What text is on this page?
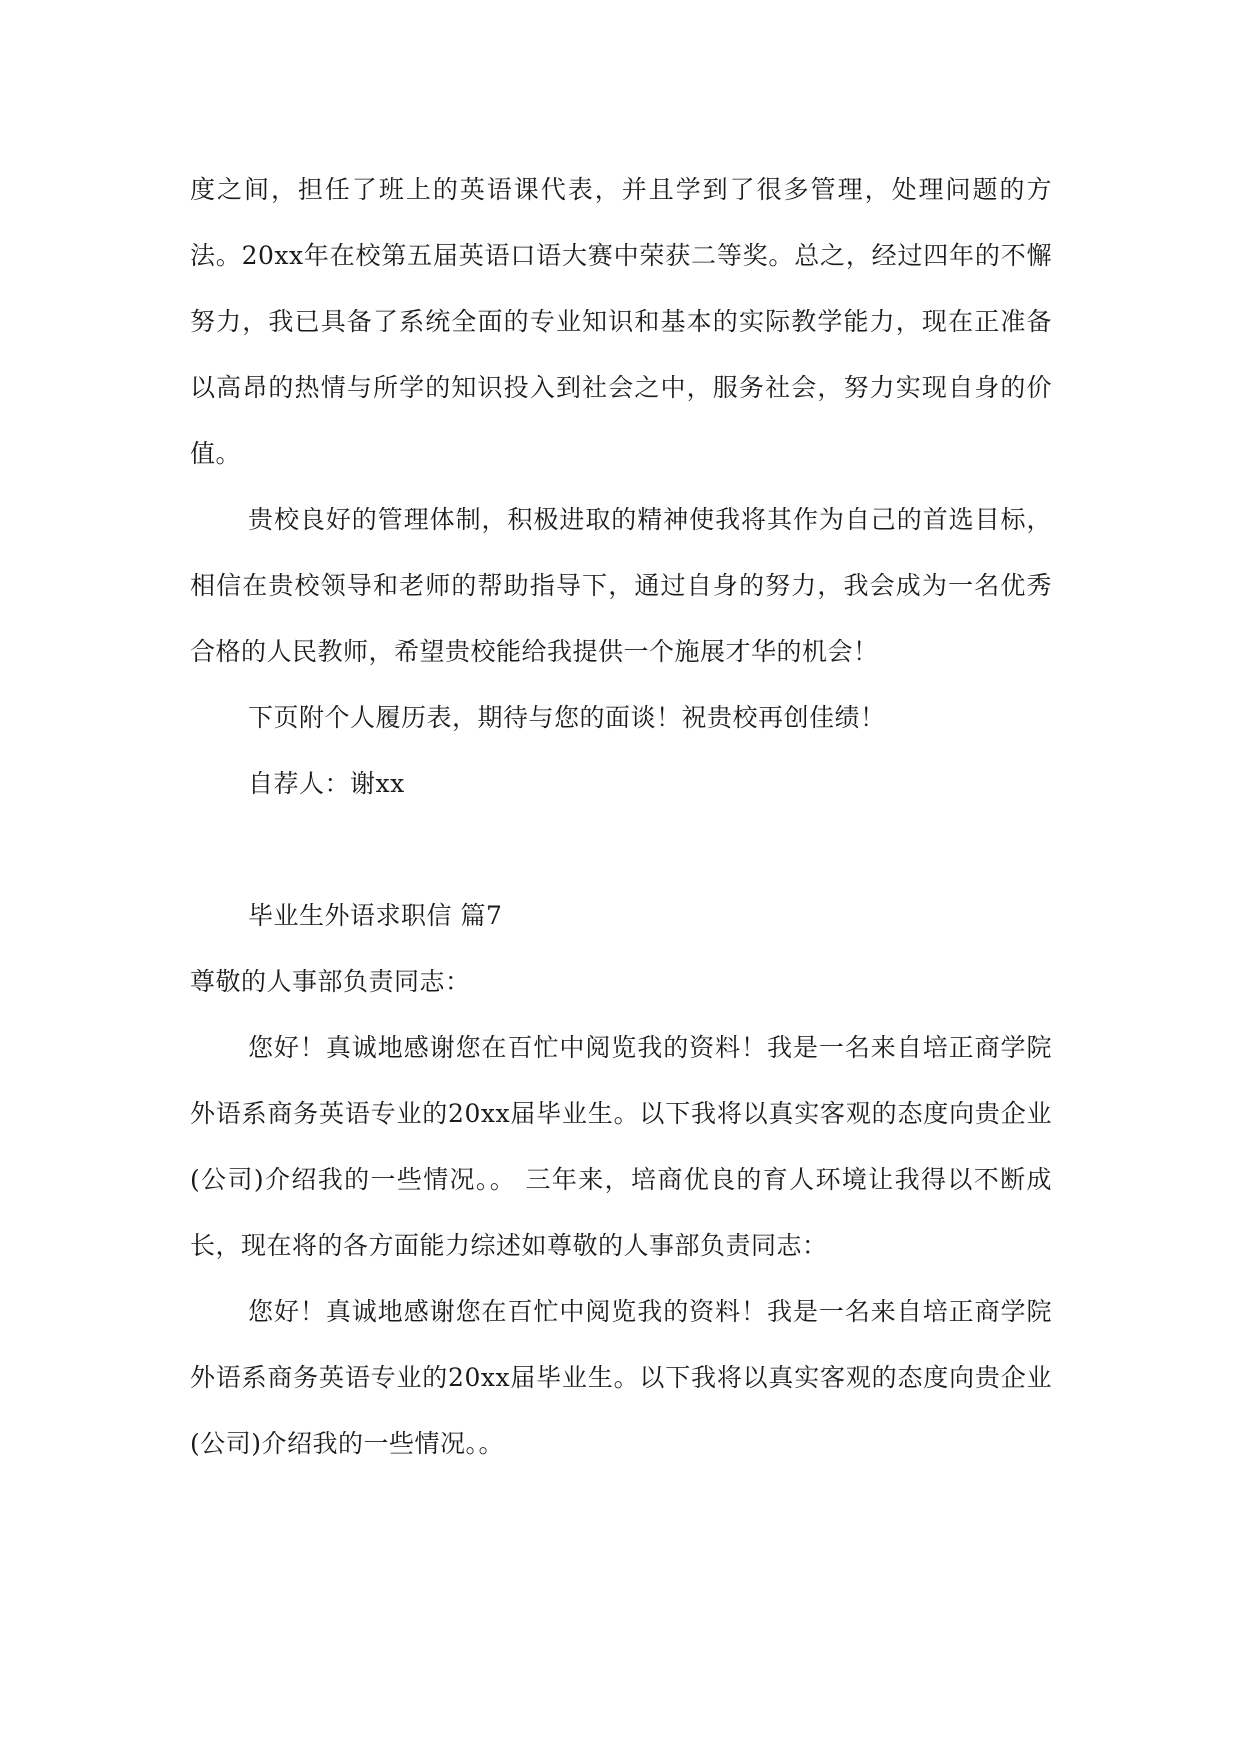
度之间，担任了班上的英语课代表，并且学到了很多管理，处理问题的方法。20xx年在校第五届英语口语大赛中荣获二等奖。总之，经过四年的不懈努力，我已具备了系统全面的专业知识和基本的实际教学能力，现在正准备以高昂的热情与所学的知识投入到社会之中，服务社会，努力实现自身的价值。

贵校良好的管理体制，积极进取的精神使我将其作为自己的首选目标，相信在贵校领导和老师的帮助指导下，通过自身的努力，我会成为一名优秀合格的人民教师，希望贵校能给我提供一个施展才华的机会！

下页附个人履历表，期待与您的面谈！祝贵校再创佳绩！

自荐人：谢xx

毕业生外语求职信 篇7

尊敬的人事部负责同志：

您好！真诚地感谢您在百忙中阅览我的资料！我是一名来自培正商学院外语系商务英语专业的20xx届毕业生。以下我将以真实客观的态度向贵企业(公司)介绍我的一些情况。。 三年来，培商优良的育人环境让我得以不断成长，现在将的各方面能力综述如尊敬的人事部负责同志：

您好！真诚地感谢您在百忙中阅览我的资料！我是一名来自培正商学院外语系商务英语专业的20xx届毕业生。以下我将以真实客观的态度向贵企业(公司)介绍我的一些情况。。
